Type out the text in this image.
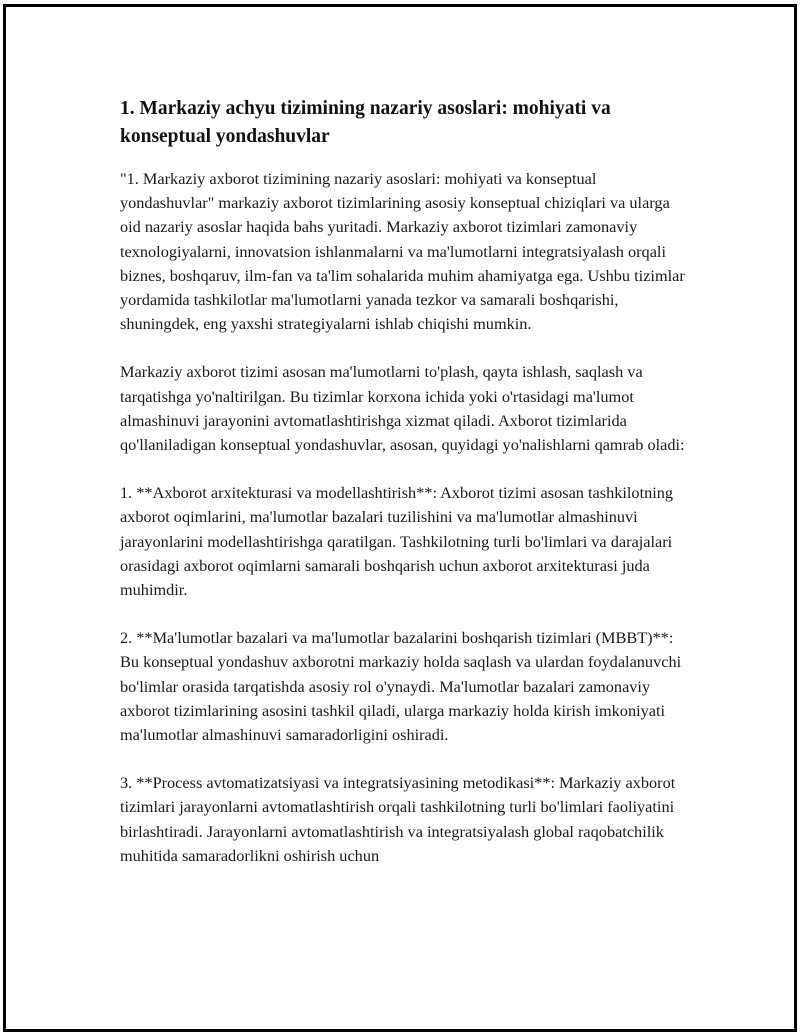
1. Markaziy achyu tizimining nazariy asoslari: mohiyati va konseptual yondashuvlar

"1. Markaziy axborot tizimining nazariy asoslari: mohiyati va konseptual yondashuvlar" markaziy axborot tizimlarining asosiy konseptual chiziqlari va ularga oid nazariy asoslar haqida bahs yuritadi. Markaziy axborot tizimlari zamonaviy texnologiyalarni, innovatsion ishlanmalarni va ma'lumotlarni integratsiyalash orqali biznes, boshqaruv, ilm-fan va ta'lim sohalarida muhim ahamiyatga ega. Ushbu tizimlar yordamida tashkilotlar ma'lumotlarni yanada tezkor va samarali boshqarishi, shuningdek, eng yaxshi strategiyalarni ishlab chiqishi mumkin.

Markaziy axborot tizimi asosan ma'lumotlarni to'plash, qayta ishlash, saqlash va tarqatishga yo'naltirilgan. Bu tizimlar korxona ichida yoki o'rtasidagi ma'lumot almashinuvi jarayonini avtomatlashtirishga xizmat qiladi. Axborot tizimlarida qo'llaniladigan konseptual yondashuvlar, asosan, quyidagi yo'nalishlarni qamrab oladi:

1. **Axborot arxitekturasi va modellashtirish**: Axborot tizimi asosan tashkilotning axborot oqimlarini, ma'lumotlar bazalari tuzilishini va ma'lumotlar almashinuvi jarayonlarini modellashtirishga qaratilgan. Tashkilotning turli bo'limlari va darajalari orasidagi axborot oqimlarni samarali boshqarish uchun axborot arxitekturasi juda muhimdir.

2. **Ma'lumotlar bazalari va ma'lumotlar bazalarini boshqarish tizimlari (MBBT)**: Bu konseptual yondashuv axborotni markaziy holda saqlash va ulardan foydalanuvchi bo'limlar orasida tarqatishda asosiy rol o'ynaydi. Ma'lumotlar bazalari zamonaviy axborot tizimlarining asosini tashkil qiladi, ularga markaziy holda kirish imkoniyati ma'lumotlar almashinuvi samaradorligini oshiradi.

3. **Process avtomatizatsiyasi va integratsiyasining metodikasi**: Markaziy axborot tizimlari jarayonlarni avtomatlashtirish orqali tashkilotning turli bo'limlari faoliyatini birlashtiradi. Jarayonlarni avtomatlashtirish va integratsiyalash global raqobatchilik muhitida samaradorlikni oshirish uchun
